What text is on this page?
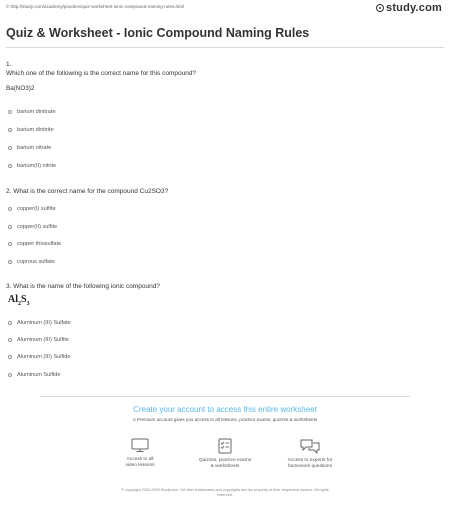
© http://study.com/academy/practice/quiz-worksheet-ionic-compound-naming-rules.html	study.com
Quiz & Worksheet - Ionic Compound Naming Rules
1.
Which one of the following is the correct name for this compound?
Ba(NO3)2
barium dinitrate
barium dinitrite
barium nitrate
barium(II) nitrite
2. What is the correct name for the compound Cu2SO3?
copper(I) sulfite
copper(II) sulfite
copper thiosulfate
cuprous sulfate
3. What is the name of the following ionic compound?
$Al_2S_3$
Aluminum (III) Sulfate
Aluminum (III) Sulfite
Aluminum (III) Sulfide
Aluminum Sulfide
Create your account to access this entire worksheet
A Premium account gives you access to all lessons, practice exams, quizzes & worksheets
Access to all
video lessons
Quizzes, practice exams
& worksheets
Access to experts for
homework questions
© copyright 2003-2020 Study.com. All other trademarks and copyrights are the property of their respective owners. All rights
reserved.
